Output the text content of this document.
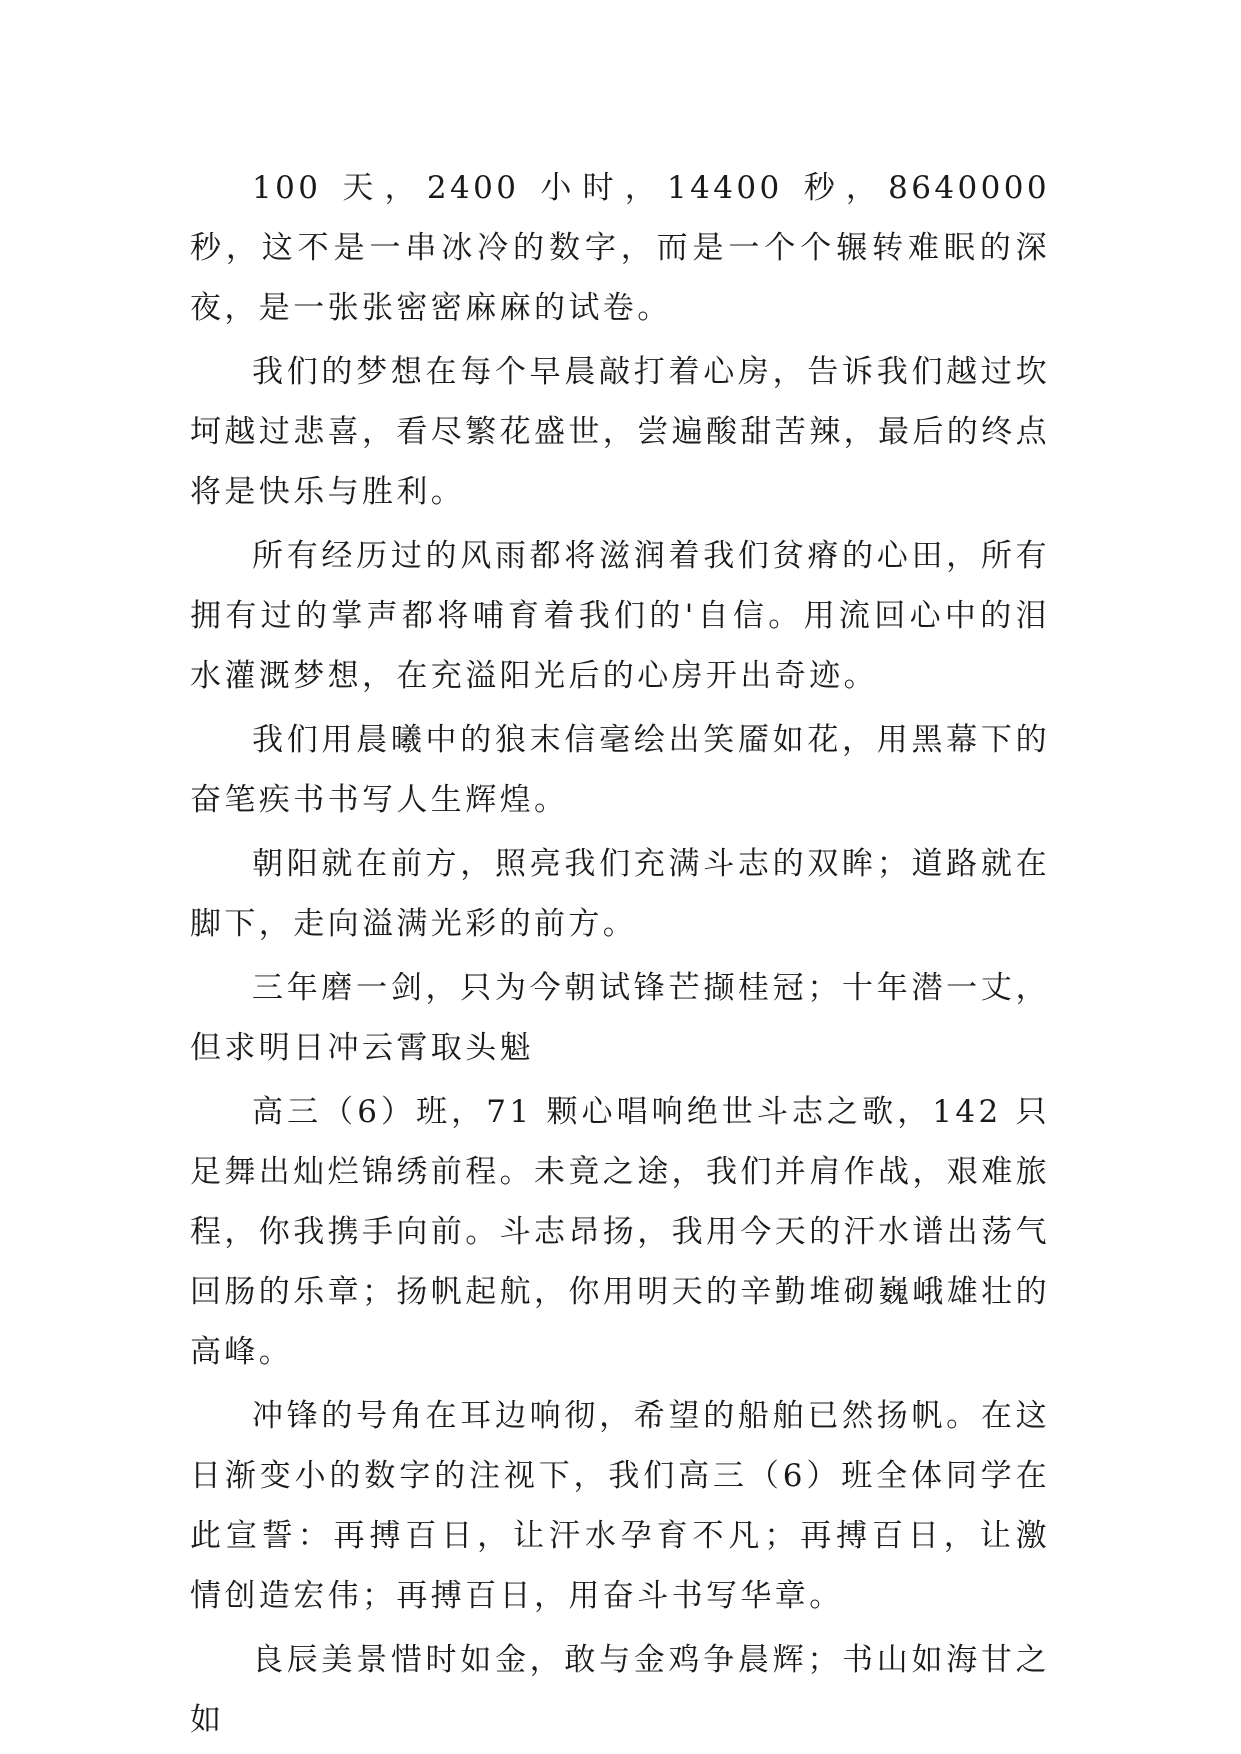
100 天，2400 小时，14400 秒，8640000 秒，这不是一串冰冷的数字，而是一个个辗转难眠的深夜，是一张张密密麻麻的试卷。

我们的梦想在每个早晨敲打着心房，告诉我们越过坎坷越过悲喜，看尽繁花盛世，尝遍酸甜苦辣，最后的终点将是快乐与胜利。

所有经历过的风雨都将滋润着我们贫瘠的心田，所有拥有过的掌声都将哺育着我们的'自信。用流回心中的泪水灌溉梦想，在充溢阳光后的心房开出奇迹。

我们用晨曦中的狼末信毫绘出笑靥如花，用黑幕下的奋笔疾书书写人生辉煌。

朝阳就在前方，照亮我们充满斗志的双眸；道路就在脚下，走向溢满光彩的前方。

三年磨一剑，只为今朝试锋芒撷桂冠；十年潜一丈，但求明日冲云霄取头魁

高三（6）班，71 颗心唱响绝世斗志之歌，142 只足舞出灿烂锦绣前程。未竟之途，我们并肩作战，艰难旅程，你我携手向前。斗志昂扬，我用今天的汗水谱出荡气回肠的乐章；扬帆起航，你用明天的辛勤堆砌巍峨雄壮的高峰。

冲锋的号角在耳边响彻，希望的船舶已然扬帆。在这日渐变小的数字的注视下，我们高三（6）班全体同学在此宣誓：再搏百日，让汗水孕育不凡；再搏百日，让激 情创造宏伟；再搏百日，用奋斗书写华章。

良辰美景惜时如金，敢与金鸡争晨辉；书山如海甘之如
